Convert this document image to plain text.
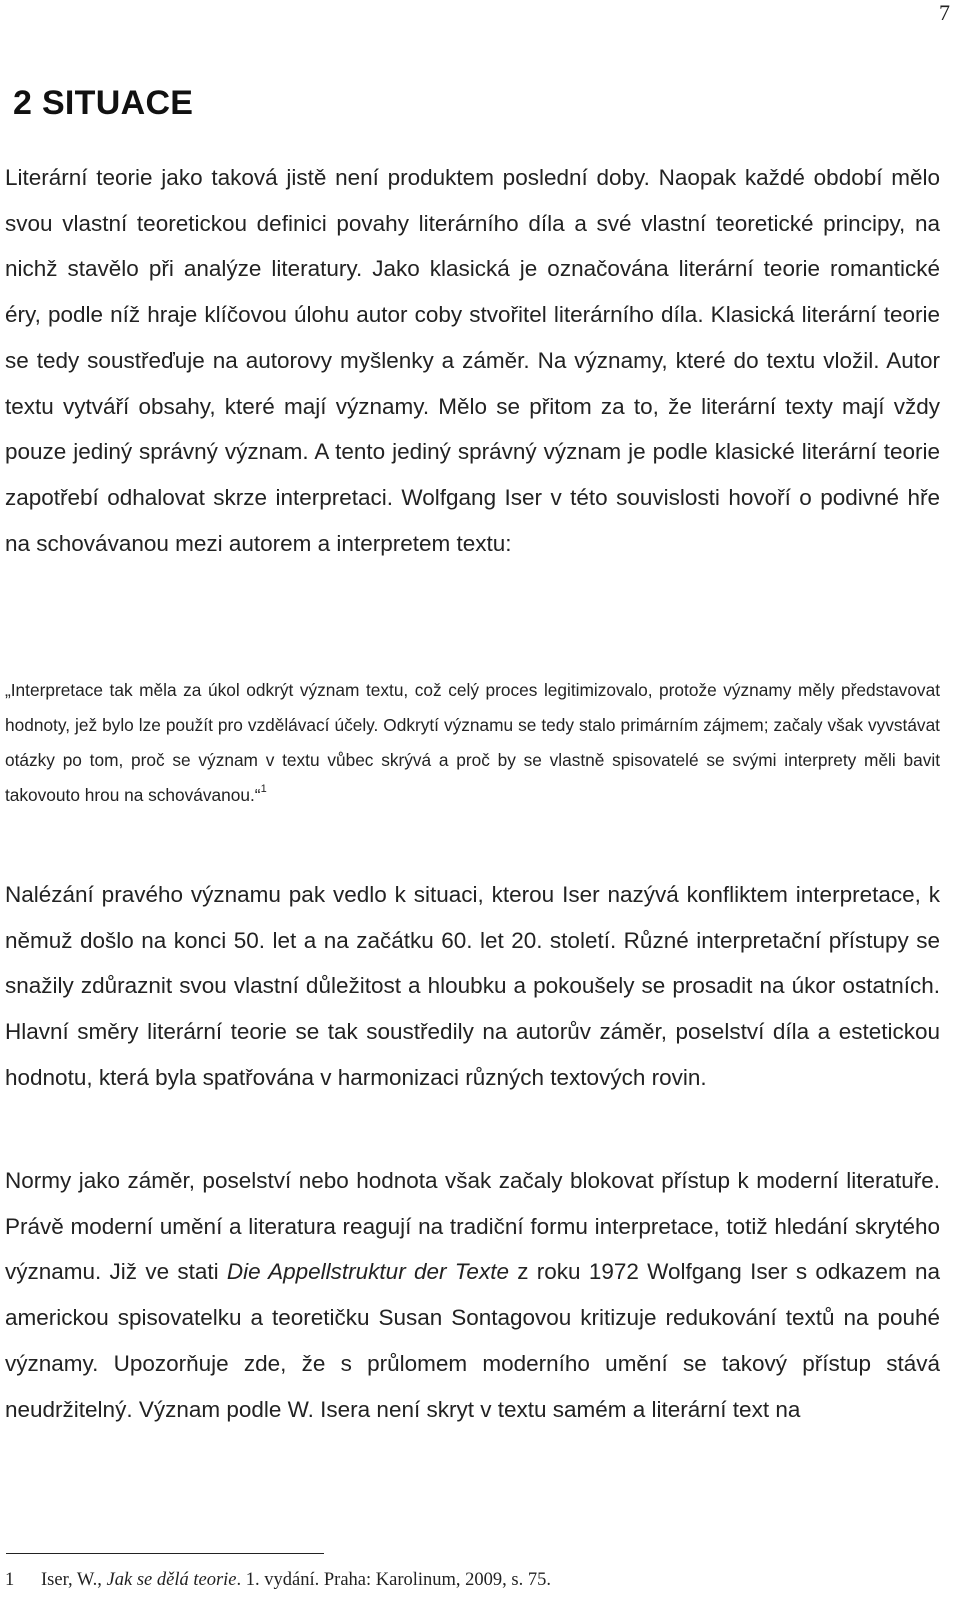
7
2 SITUACE

Literární teorie jako taková jistě není produktem poslední doby. Naopak každé období mělo svou vlastní teoretickou definici povahy literárního díla a své vlastní teoretické principy, na nichž stavělo při analýze literatury. Jako klasická je označována literární teorie romantické éry, podle níž hraje klíčovou úlohu autor coby stvořitel literárního díla. Klasická literární teorie se tedy soustřeďuje na autorovy myšlenky a záměr. Na významy, které do textu vložil. Autor textu vytváří obsahy, které mají významy. Mělo se přitom za to, že literární texty mají vždy pouze jediný správný význam. A tento jediný správný význam je podle klasické literární teorie zapotřebí odhalovat skrze interpretaci. Wolfgang Iser v této souvislosti hovoří o podivné hře na schovávanou mezi autorem a interpretem textu:

„Interpretace tak měla za úkol odkrýt význam textu, což celý proces legitimizovalo, protože významy měly představovat hodnoty, jež bylo lze použít pro vzdělávací účely. Odkrytí významu se tedy stalo primárním zájmem; začaly však vyvstávat otázky po tom, proč se význam v textu vůbec skrývá a proč by se vlastně spisovatelé se svými interprety měli bavit takovouto hrou na schovávanou.“$^1$

Nalézání pravého významu pak vedlo k situaci, kterou Iser nazývá konfliktem interpretace, k němuž došlo na konci 50. let a na začátku 60. let 20. století. Různé interpretační přístupy se snažily zdůraznit svou vlastní důležitost a hloubku a pokoušely se prosadit na úkor ostatních. Hlavní směry literární teorie se tak soustředily na autorův záměr, poselství díla a estetickou hodnotu, která byla spatřována v harmonizaci různých textových rovin.

Normy jako záměr, poselství nebo hodnota však začaly blokovat přístup k moderní literatuře. Právě moderní umění a literatura reagují na tradiční formu interpretace, totiž hledání skrytého významu. Již ve stati Die Appellstruktur der Texte z roku 1972 Wolfgang Iser s odkazem na americkou spisovatelku a teoretičku Susan Sontagovou kritizuje redukování textů na pouhé významy. Upozorňuje zde, že s průlomem moderního umění se takový přístup stává neudržitelný. Význam podle W. Isera není skryt v textu samém a literární text na

1 Iser, W., Jak se dělá teorie. 1. vydání. Praha: Karolinum, 2009, s. 75.
